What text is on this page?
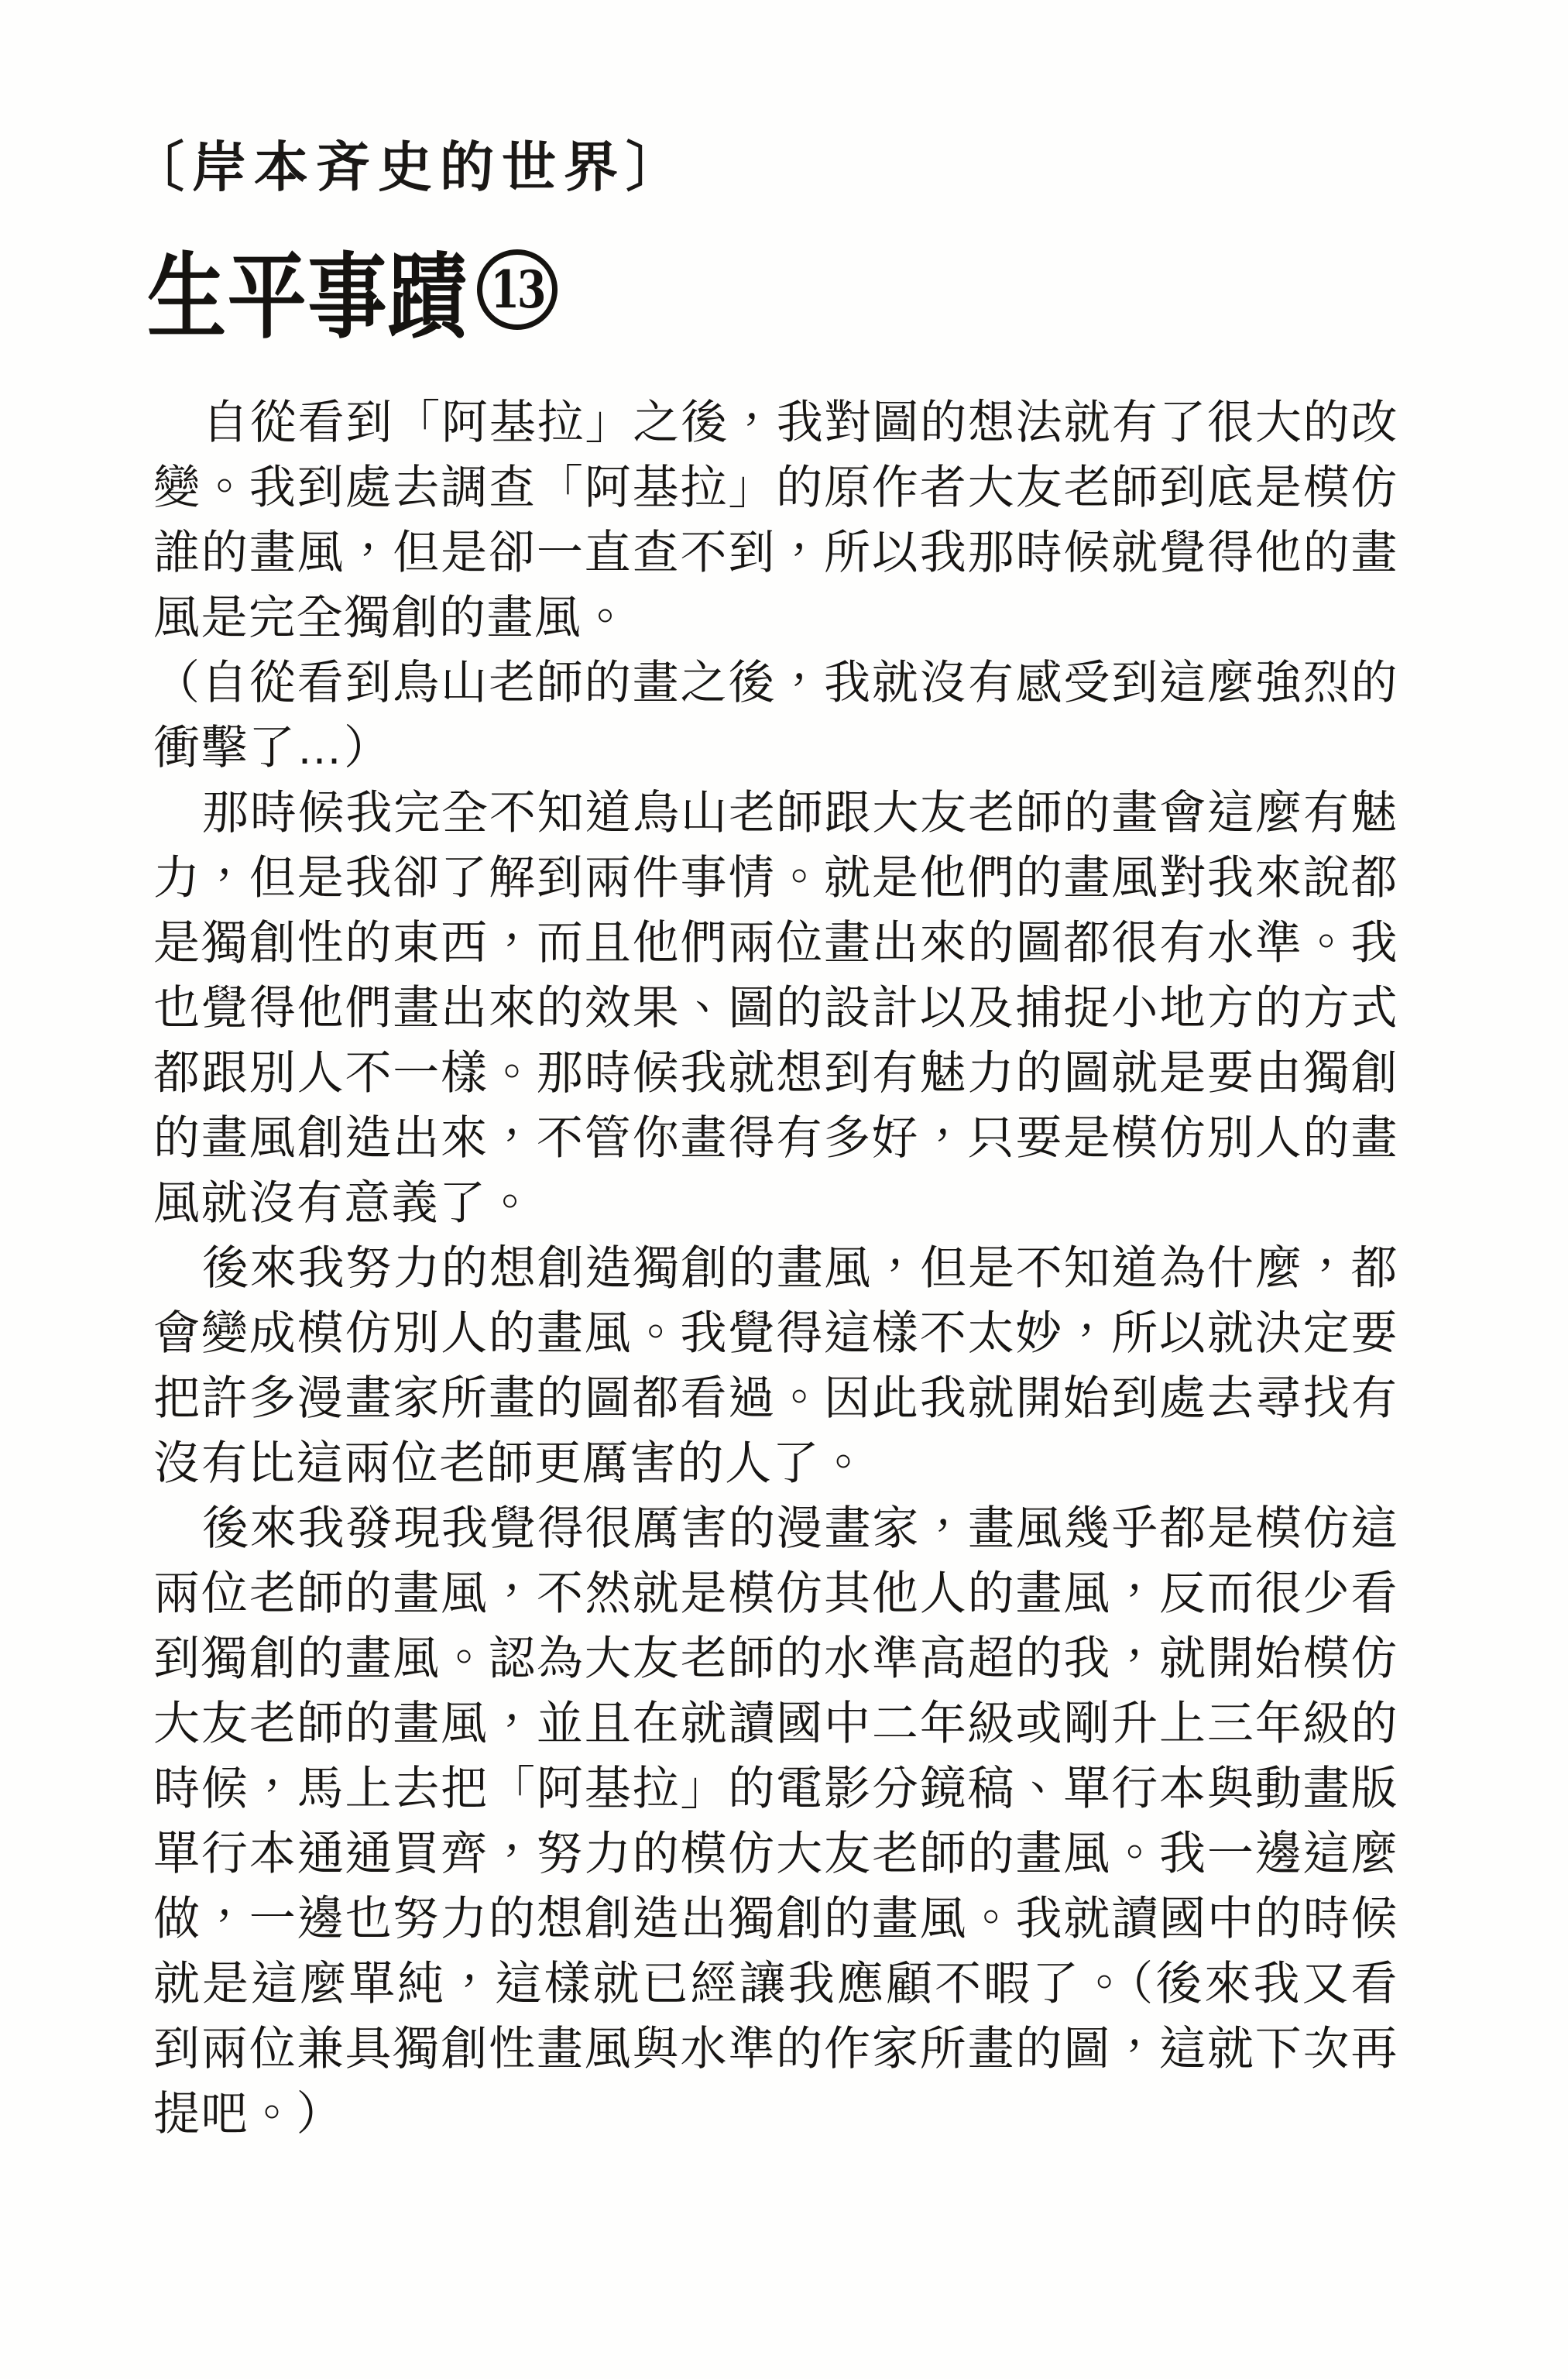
〔岸本斉史的世界〕
生平事蹟 13

自從看到「阿基拉」之後，我對圖的想法就有了很大的改變。我到處去調查「阿基拉」的原作者大友老師到底是模仿誰的畫風，但是卻一直查不到，所以我那時候就覺得他的畫風是完全獨創的畫風。

（自從看到鳥山老師的畫之後，我就沒有感受到這麼強烈的衝擊了…）

那時候我完全不知道鳥山老師跟大友老師的畫會這麼有魅力，但是我卻了解到兩件事情。就是他們的畫風對我來說都是獨創性的東西，而且他們兩位畫出來的圖都很有水準。我也覺得他們畫出來的效果、圖的設計以及捕捉小地方的方式都跟別人不一樣。那時候我就想到有魅力的圖就是要由獨創的畫風創造出來，不管你畫得有多好，只要是模仿別人的畫風就沒有意義了。

後來我努力的想創造獨創的畫風，但是不知道為什麼，都會變成模仿別人的畫風。我覺得這樣不太妙，所以就決定要把許多漫畫家所畫的圖都看過。因此我就開始到處去尋找有沒有比這兩位老師更厲害的人了。

後來我發現我覺得很厲害的漫畫家，畫風幾乎都是模仿這兩位老師的畫風，不然就是模仿其他人的畫風，反而很少看到獨創的畫風。認為大友老師的水準高超的我，就開始模仿大友老師的畫風，並且在就讀國中二年級或剛升上三年級的時候，馬上去把「阿基拉」的電影分鏡稿、單行本與動畫版單行本通通買齊，努力的模仿大友老師的畫風。我一邊這麼做，一邊也努力的想創造出獨創的畫風。我就讀國中的時候就是這麼單純，這樣就已經讓我應顧不暇了。（後來我又看到兩位兼具獨創性畫風與水準的作家所畫的圖，這就下次再提吧。）
